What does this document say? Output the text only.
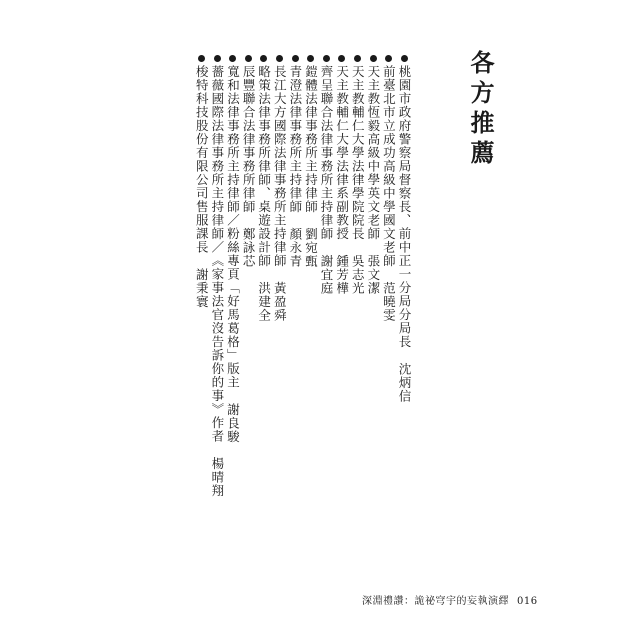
各方推薦
桃園市政府警察局督察長、前中正一分局分局長沈炳信
前臺北市立成功高級中學國文老師范曉雯
天主教恆毅高級中學英文老師張文潔
天主教輔仁大學法律學院院長吳志光
天主教輔仁大學法律系副教授鍾芳樺
齊呈聯合法律事務所主持律師謝宜庭
鎧體法律事務所主持律師劉宛甄
青澄法律事務所主持律師顏永青
長江大方國際法律事務所主持律師黃盈舜
略策法律事務所律師、桌遊設計師洪建全
辰豐聯合法律事務所律師鄭詠芯
寬和法律事務所主持律師／粉絲專頁「好馬葛格」版主謝良駿
薔薇國際法律事務所主持律師／《家事法官沒告訴你的事》作者楊晴翔
梭特科技股份有限公司售服課長謝秉寰
深淵禮讚：詭祕穹宇的妄執演繹 016
